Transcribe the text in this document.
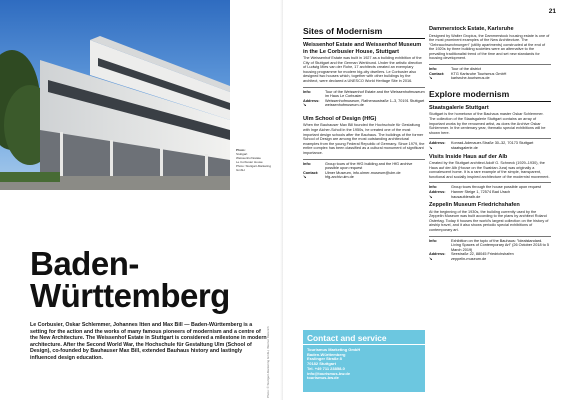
Photo:
Stuttgart
Weissenhof Estate
Le Corbusier House
Photo: Stuttgart-Marketing GmbH
Photo: © Stuttgart-Marketing GmbH, Werner Dieterich
Baden-
Württemberg
Le Corbusier, Oskar Schlemmer, Johannes Itten and Max Bill — Baden-Württemberg is a setting for the action and the works of many famous pioneers of modernism and a centre of the New Architecture. The Weissenhof Estate in Stuttgart is considered a milestone in modern architecture. After the Second World War, the Hochschule für Gestaltung Ulm (School of Design), co-founded by Bauhauser Max Bill, extended Bauhaus history and lastingly influenced design education.
21
Sites of Modernism
Weissenhof Estate and Weissenhof Museum in the Le Corbusier House, Stuttgart
The Weissenhof Estate was built in 1927 as a building exhibition of the City of Stuttgart and the German Werkbund. Under the artistic direction of Ludwig Mies van der Rohe, 17 architects created an exemplary housing programme for modern big-city dwellers. Le Corbusier also designed two houses which, together with other buildings by the architect, were declared a UNESCO World Heritage Site in 2016.
Info:	Tour of the Weissenhof Estate and the Weissenhofmuseum im Haus Le Corbusier
Address:	Weissenhofmuseum, Rathenaustraße 1–3, 70191 Stuttgart
↘	weissenhofmuseum.de
Ulm School of Design (HfG)
When the Bauhauser Max Bill founded the Hochschule für Gestaltung with Inge Aicher-Scholl in the 1950s, he created one of the most important design schools after the Bauhaus. The buildings of the former School of Design are among the most outstanding architectural examples from the young Federal Republic of Germany. Since 1979, the entire complex has been classified as a cultural monument of significant importance.
Info:	Group tours of the HfG building and the HfG archive possible upon request
Contact:	Ulmer Museum, info.ulmer-museum@ulm.de
↘	hfg-archiv.ulm.de
Contact and service
Tourismus Marketing GmbH
Baden-Württemberg
Esslinger Straße 8
70182 Stuttgart
Tel. +49 711 23858-0
info@tourismus-bw.de
tourismus-bw.de
Dammerstock Estate, Karlsruhe
Designed by Walter Gropius, the Dammerstock housing estate is one of the most prominent examples of the New Architecture. The "Gebrauchswohnungen" (utility apartments) constructed at the end of the 1920s by three building societies were an alternative to the prevailing traditionalist trend of the time and set new standards for housing development.
Info:	Tour of the district
Contact:	KTG Karlsruhe Tourismus GmbH
↘	karlsruhe-tourismus.de
Explore modernism
Staatsgalerie Stuttgart
Stuttgart is the hometown of the Bauhaus master Oskar Schlemmer. The collection of the Staatsgalerie Stuttgart contains an array of important works by the renowned artist, as does the Archive Oskar Schlemmer. In the centenary year, thematic special exhibitions will be shown here.
Address:	Konrad-Adenauer-Straße 30–32, 70173 Stuttgart
↘	staatsgalerie.de
Visits Inside Haus auf der Alb
Created by the Stuttgart architect Adolf G. Schneck (1929–1930), the Haus auf der Alb (House on the Swabian Jura) was originally a convalescent home. It is a rare example of the simple, transparent, functional and socially inspired architecture of the modernist movement.
Info:	Group tours through the house possible upon request
Address:	Hanner Steige 1, 72574 Bad Urach
↘	hausaufderalb.de
Zeppelin Museum Friedrichshafen
At the beginning of the 1930s, the building currently used by the Zeppelin Museum was built according to the plans by architect Roland Ostertag. Today it houses the world's largest collection on the history of airship travel, and it also shows periodic special exhibitions of contemporary art.
Info:	Exhibition on the topic of the Bauhaus: "Idealstandard. Living Spaces of Contemporary Art" (26 October 2018 to 5 March 2019)
Address:	Seestraße 22, 88045 Friedrichshafen
↘	zeppelin-museum.de
